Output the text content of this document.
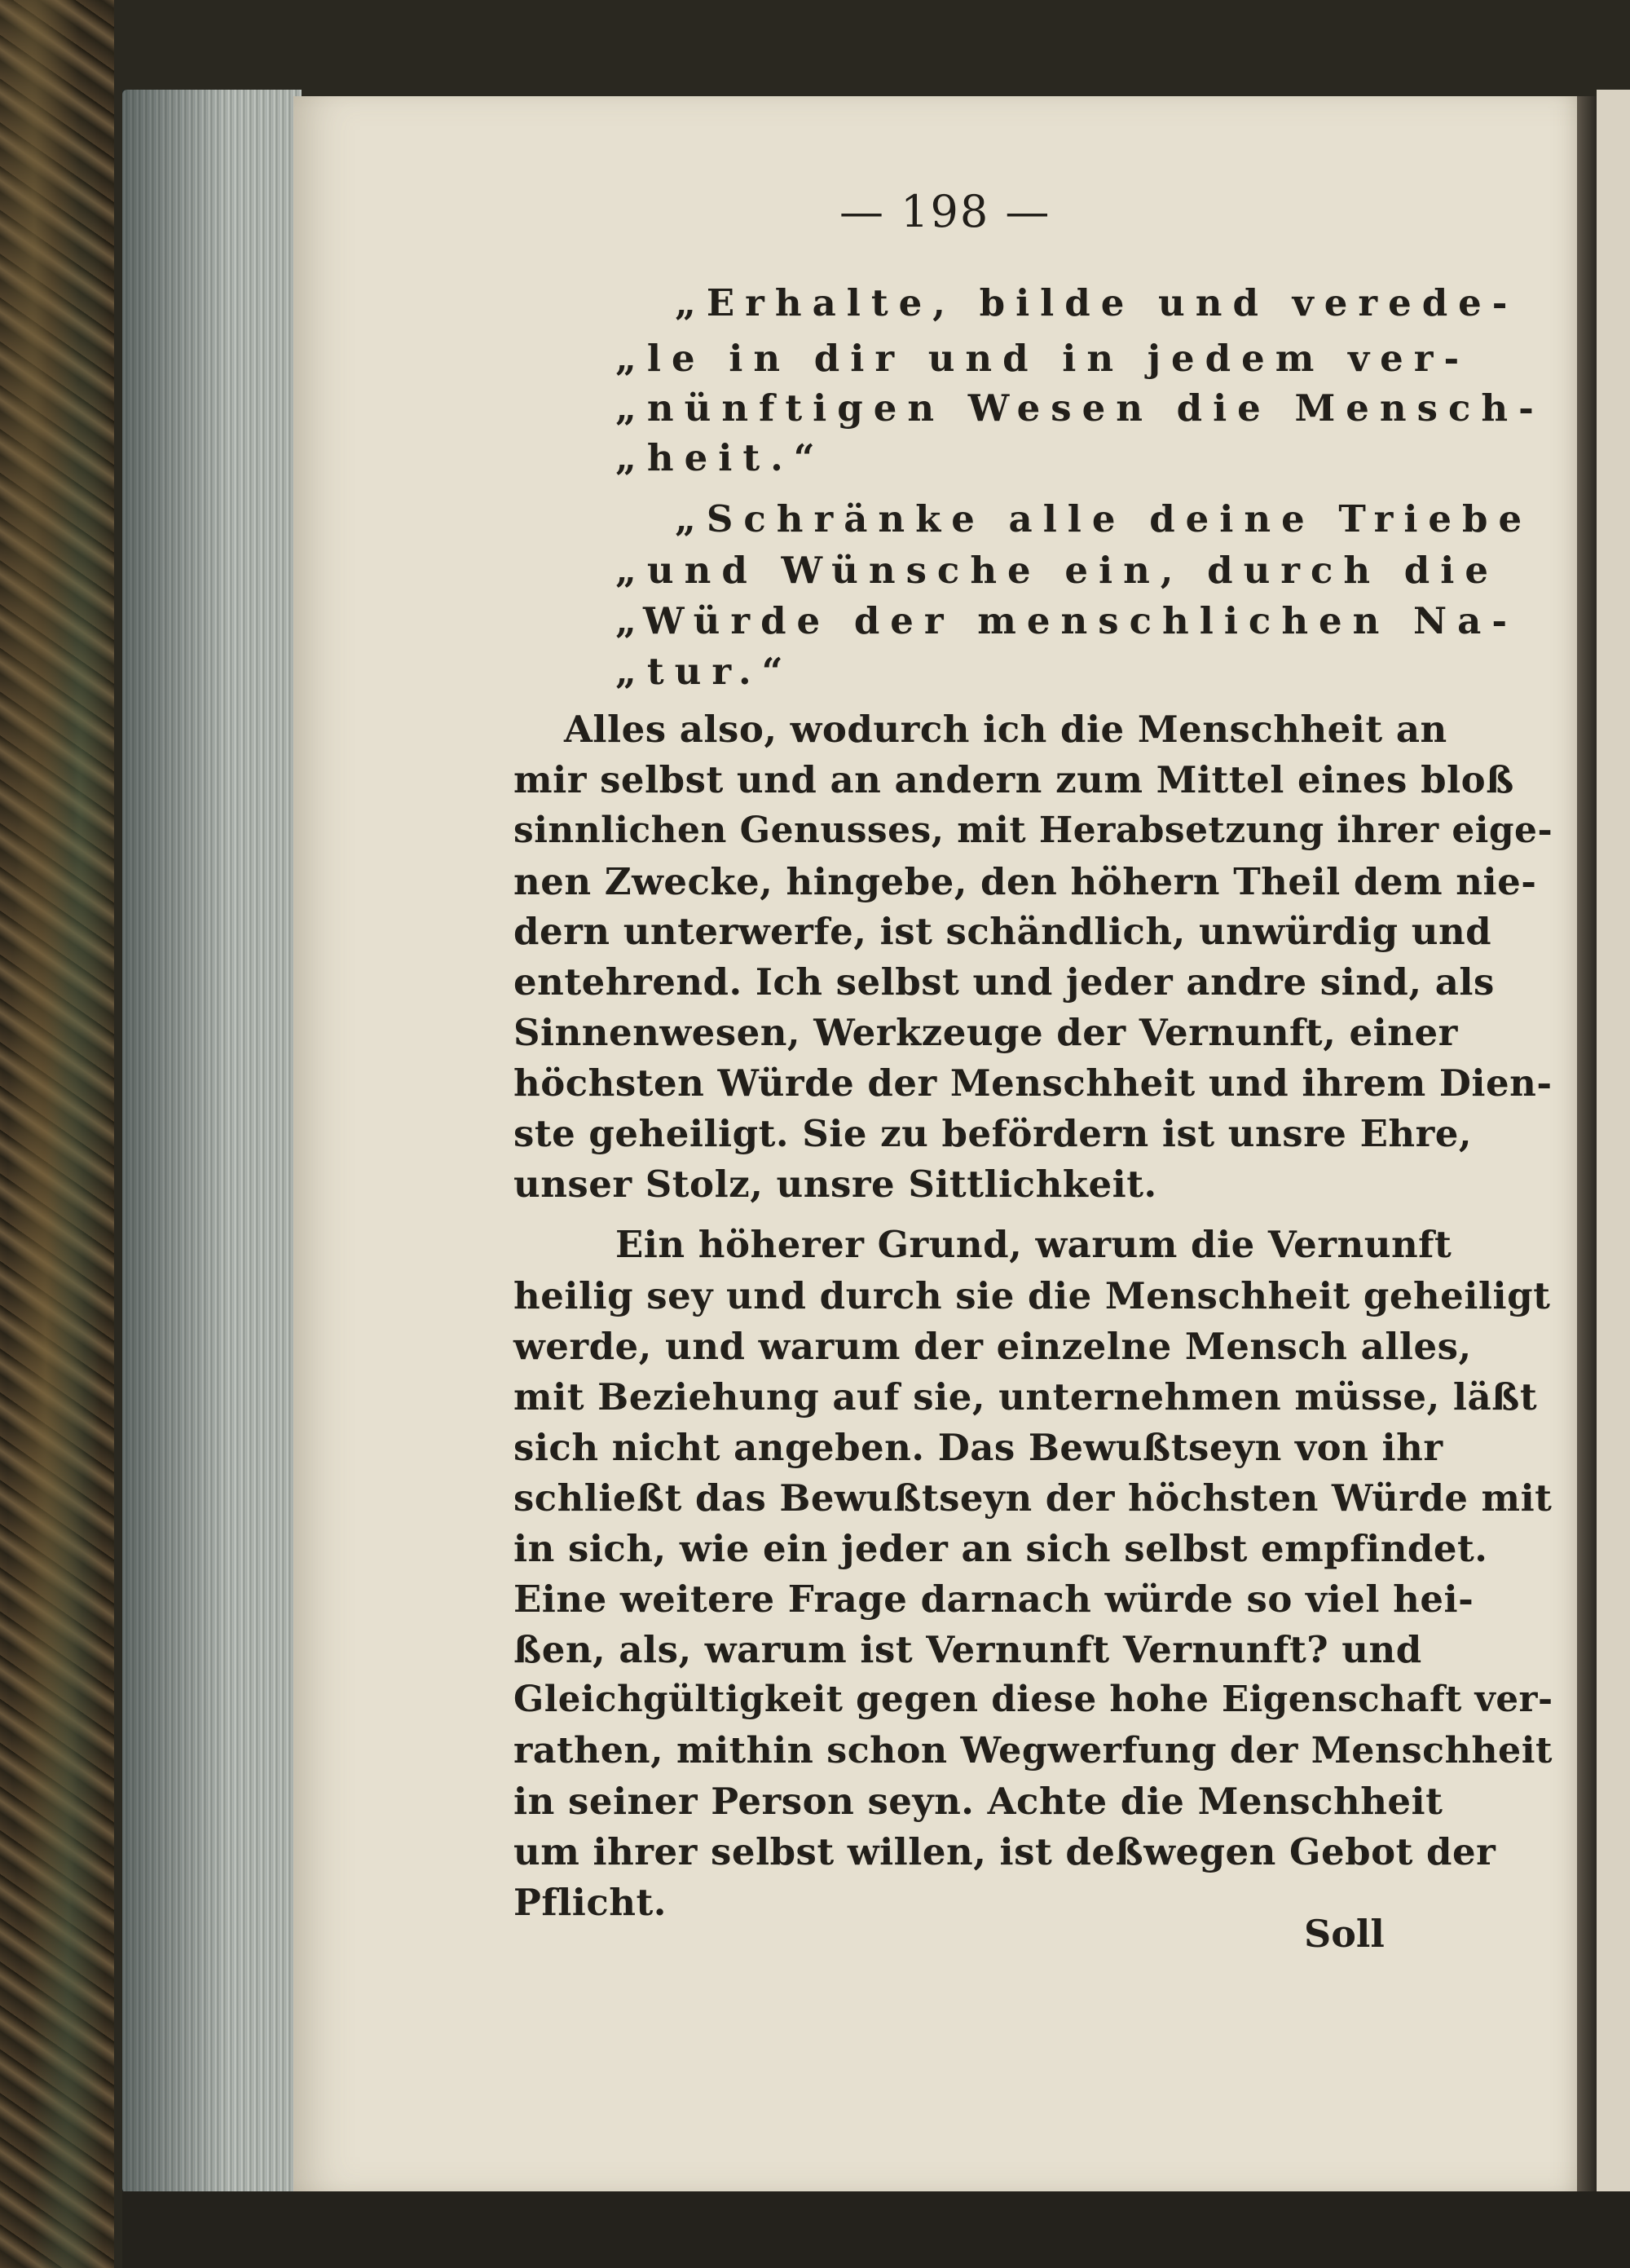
— 198 —
„Erhalte, bilde und verede-
„le in dir und in jedem ver-
„nünftigen Wesen die Mensch-
„heit.“
„Schränke alle deine Triebe
„und Wünsche ein, durch die
„Würde der menschlichen Na-
„tur.“
Alles also, wodurch ich die Menschheit an
mir selbst und an andern zum Mittel eines bloß
sinnlichen Genusses, mit Herabsetzung ihrer eige-
nen Zwecke, hingebe, den höhern Theil dem nie-
dern unterwerfe, ist schändlich, unwürdig und
entehrend. Ich selbst und jeder andre sind, als
Sinnenwesen, Werkzeuge der Vernunft, einer
höchsten Würde der Menschheit und ihrem Dien-
ste geheiligt. Sie zu befördern ist unsre Ehre,
unser Stolz, unsre Sittlichkeit.
Ein höherer Grund, warum die Vernunft
heilig sey und durch sie die Menschheit geheiligt
werde, und warum der einzelne Mensch alles,
mit Beziehung auf sie, unternehmen müsse, läßt
sich nicht angeben. Das Bewußtseyn von ihr
schließt das Bewußtseyn der höchsten Würde mit
in sich, wie ein jeder an sich selbst empfindet.
Eine weitere Frage darnach würde so viel hei-
ßen, als, warum ist Vernunft Vernunft? und
Gleichgültigkeit gegen diese hohe Eigenschaft ver-
rathen, mithin schon Wegwerfung der Menschheit
in seiner Person seyn. Achte die Menschheit
um ihrer selbst willen, ist deßwegen Gebot der
Pflicht.
Soll
